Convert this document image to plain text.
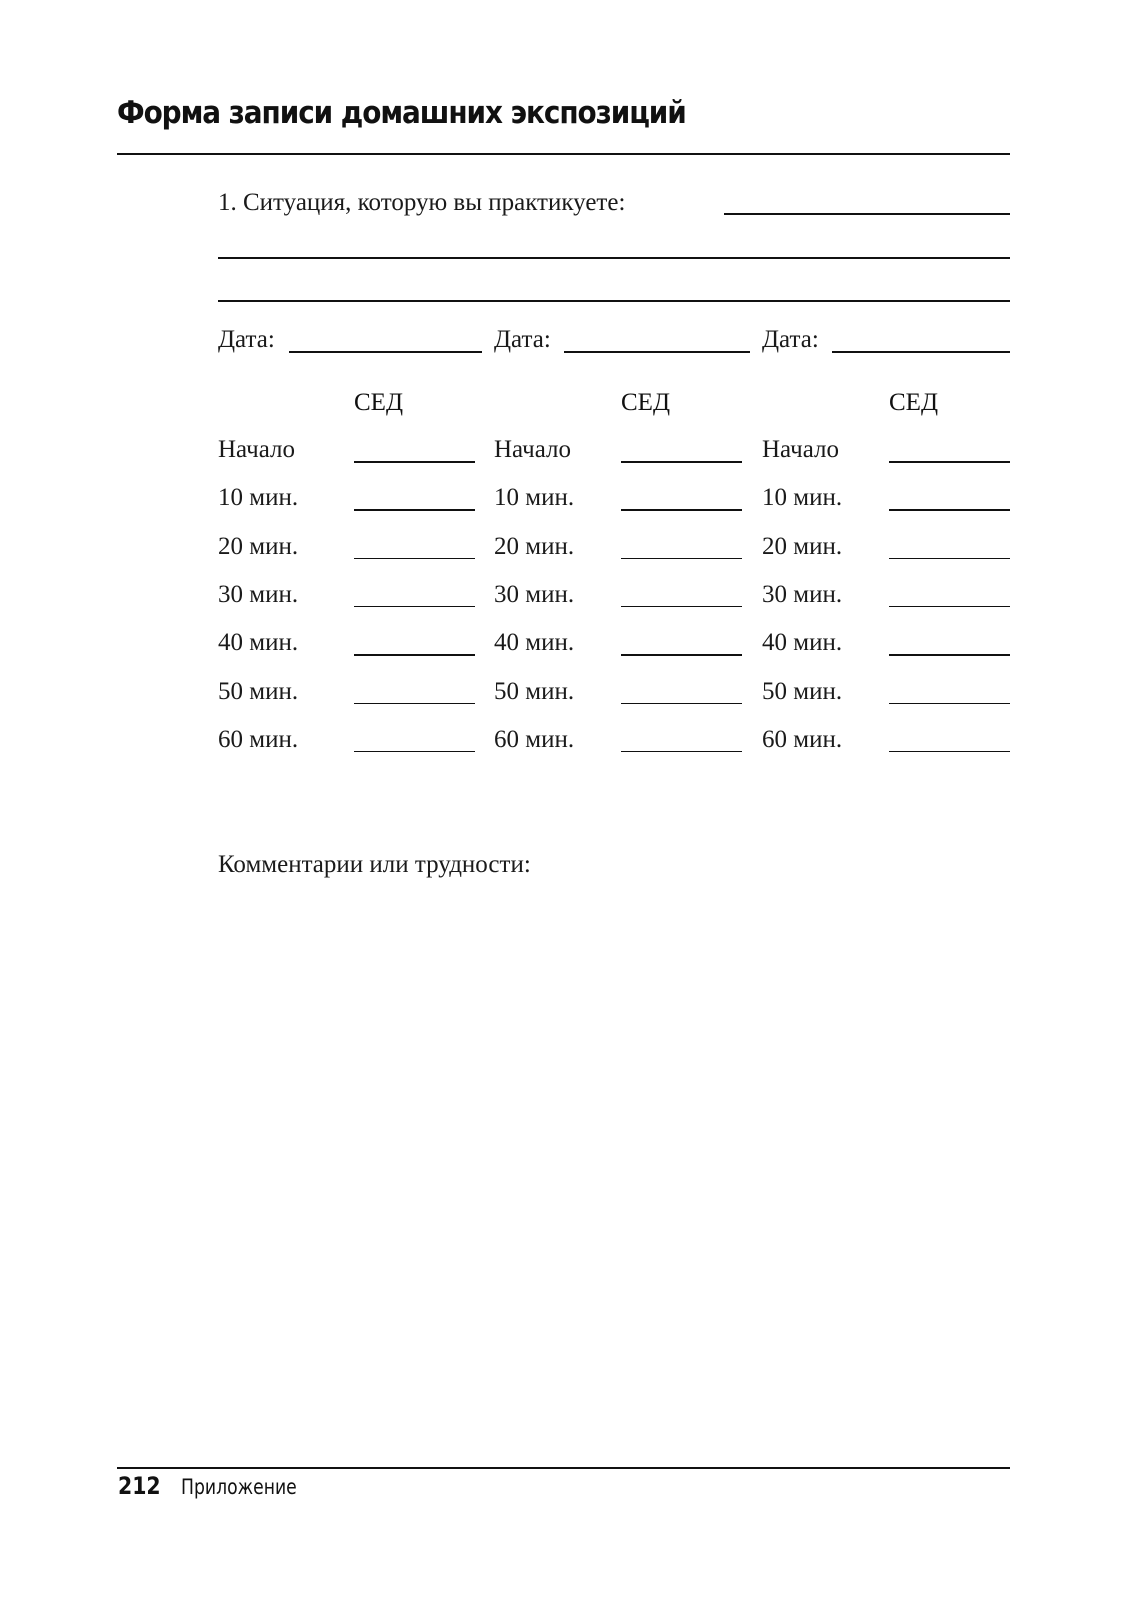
Форма записи домашних экспозиций
1. Ситуация, которую вы практикуете:
Дата:	Дата:	Дата:
СЕД	СЕД	СЕД
Начало	Начало	Начало
10 мин.	10 мин.	10 мин.
20 мин.	20 мин.	20 мин.
30 мин.	30 мин.	30 мин.
40 мин.	40 мин.	40 мин.
50 мин.	50 мин.	50 мин.
60 мин.	60 мин.	60 мин.
Комментарии или трудности:
212 Приложение
